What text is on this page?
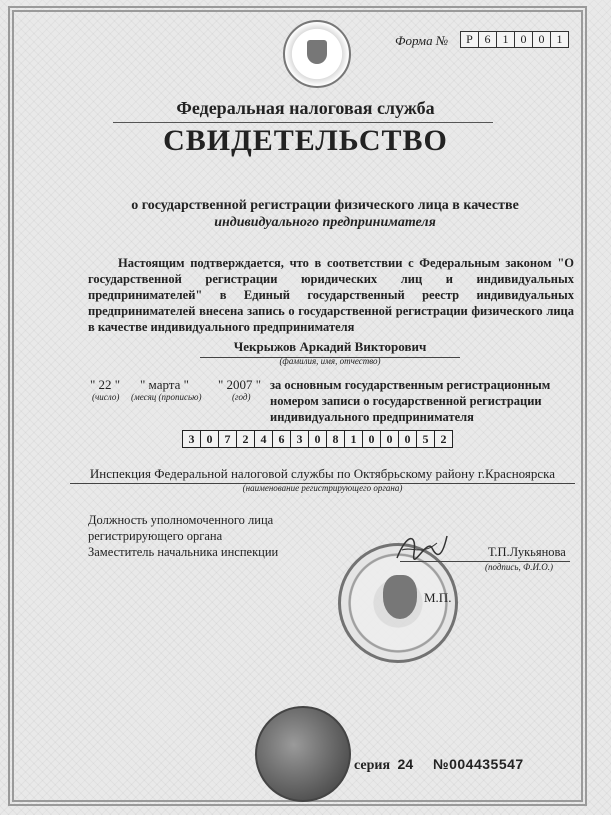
Форма №	Р 6	1	0	0	1
Федеральная налоговая служба
СВИДЕТЕЛЬСТВО
о государственной регистрации физического лица в качестве
индивидуального предпринимателя
Настоящим подтверждается, что в соответствии с Федеральным законом "О государственной регистрации юридических лиц и индивидуальных предпринимателей" в Единый государственный реестр индивидуальных предпринимателей внесена запись о государственной регистрации физического лица в качестве индивидуального предпринимателя
Чекрыжов Аркадий Викторович
(фамилия, имя, отчество)
" 22 " " марта " " 2007 "
(число) (месяц (прописью)	(год)
за основным государственным регистрационным номером записи о государственной регистрации индивидуального предпринимателя
3	0	7	2	4	6	3	0	8	1	0	0	0	5	2
Инспекция Федеральной налоговой службы по Октябрьскому району г.Красноярска
(наименование регистрирующего органа)
Должность уполномоченного лица
регистрирующего органа
Заместитель начальника инспекции	Т.П.Лукьянова
(подпись, Ф.И.О.)
М.П.
серия 24 №004435547
